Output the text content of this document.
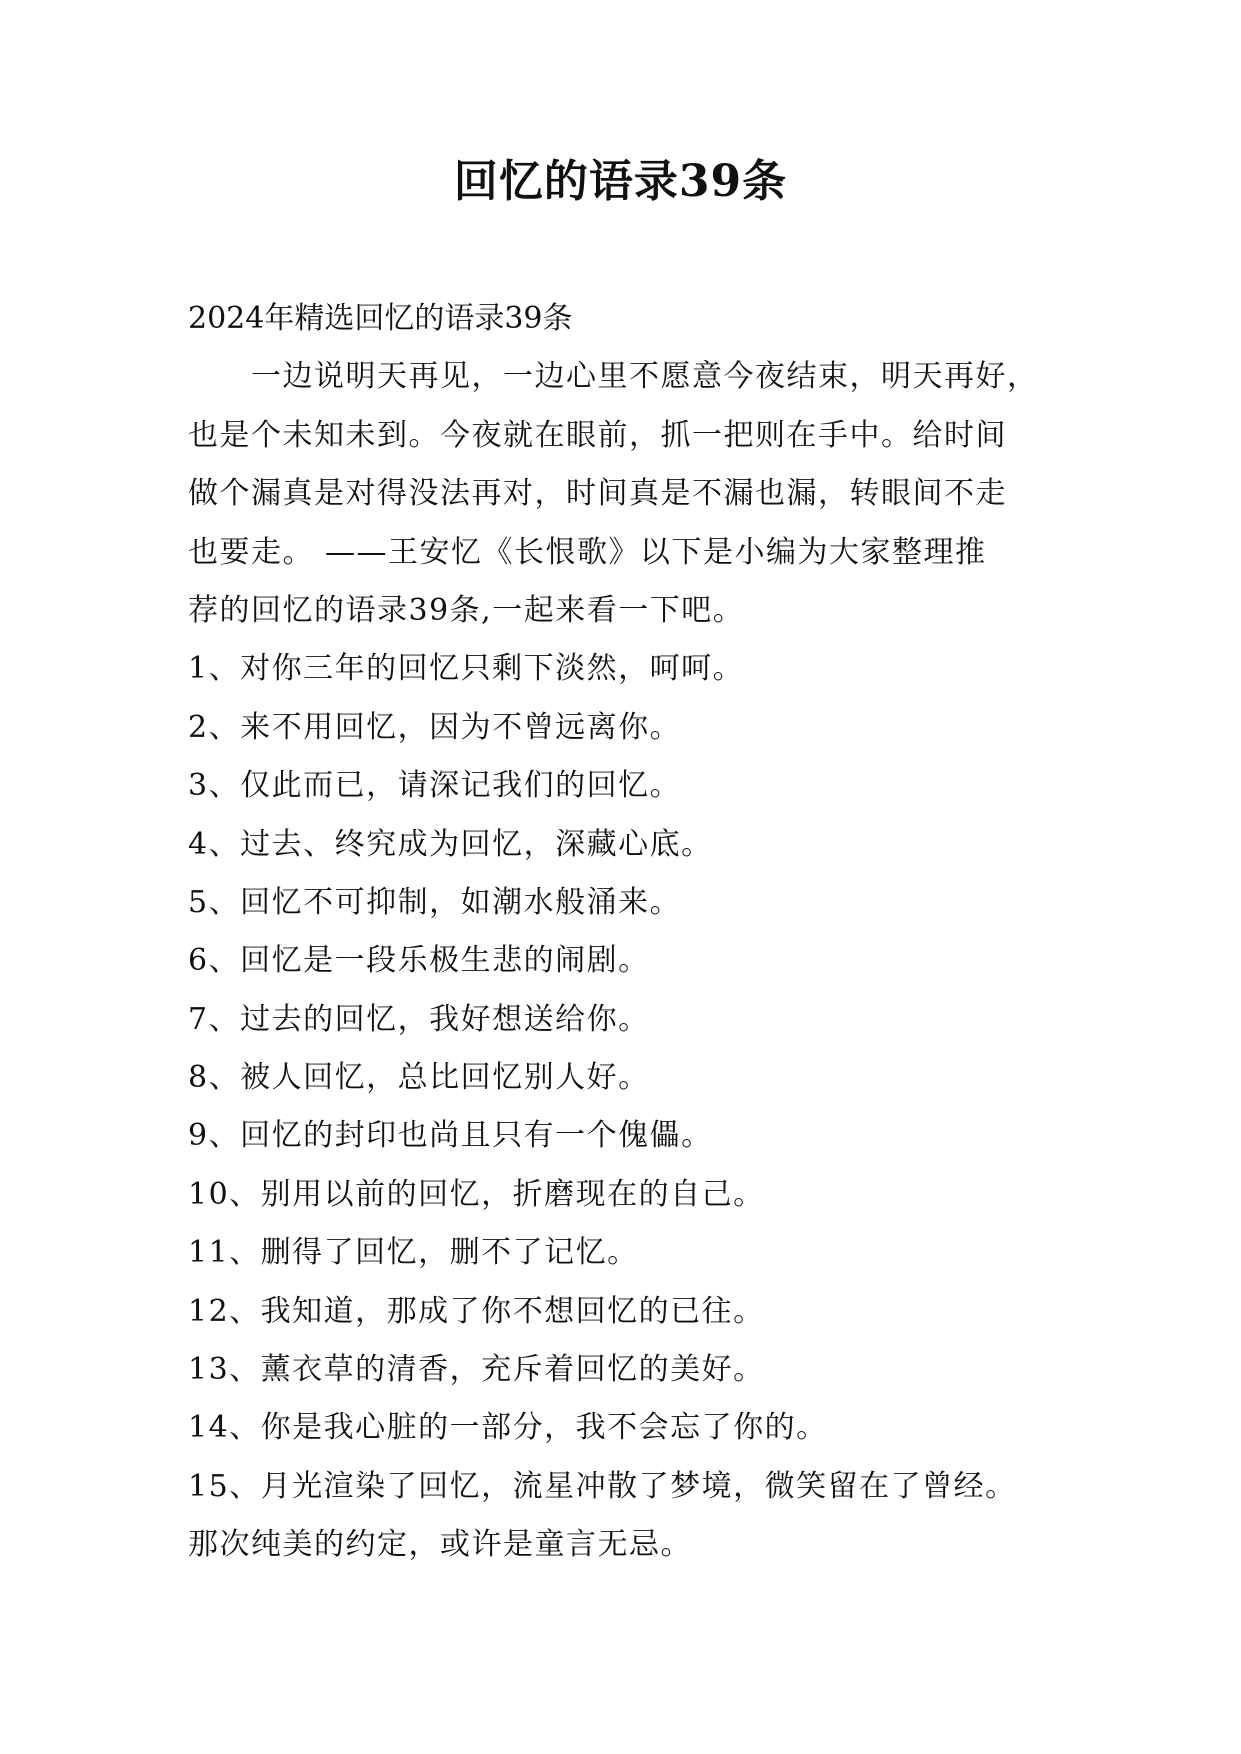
回忆的语录39条
2024年精选回忆的语录39条
　　一边说明天再见，一边心里不愿意今夜结束，明天再好，
也是个未知未到。今夜就在眼前，抓一把则在手中。给时间
做个漏真是对得没法再对，时间真是不漏也漏，转眼间不走
也要走。 ——王安忆《长恨歌》以下是小编为大家整理推
荐的回忆的语录39条,一起来看一下吧。
1、对你三年的回忆只剩下淡然，呵呵。
2、来不用回忆，因为不曾远离你。
3、仅此而已，请深记我们的回忆。
4、过去、终究成为回忆，深藏心底。
5、回忆不可抑制，如潮水般涌来。
6、回忆是一段乐极生悲的闹剧。
7、过去的回忆，我好想送给你。
8、被人回忆，总比回忆别人好。
9、回忆的封印也尚且只有一个傀儡。
10、别用以前的回忆，折磨现在的自己。
11、删得了回忆，删不了记忆。
12、我知道，那成了你不想回忆的已往。
13、薰衣草的清香，充斥着回忆的美好。
14、你是我心脏的一部分，我不会忘了你的。
15、月光渲染了回忆，流星冲散了梦境，微笑留在了曾经。
那次纯美的约定，或许是童言无忌。
